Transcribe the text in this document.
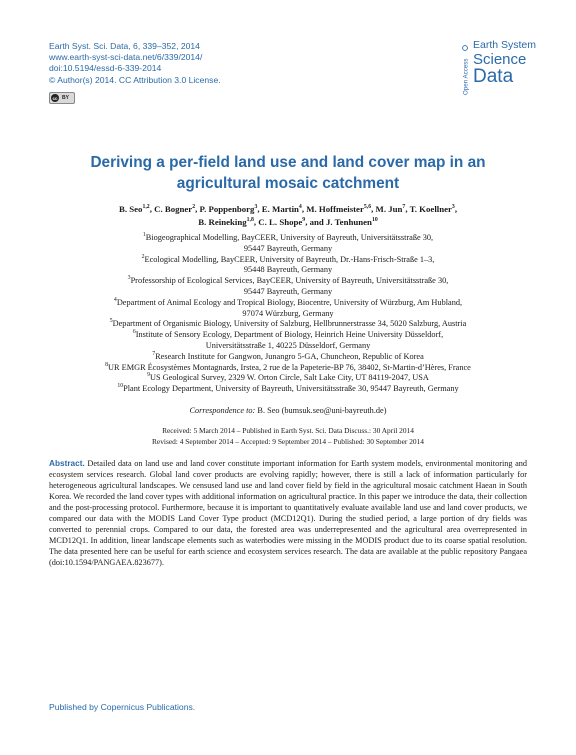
Earth Syst. Sci. Data, 6, 339–352, 2014
www.earth-syst-sci-data.net/6/339/2014/
doi:10.5194/essd-6-339-2014
© Author(s) 2014. CC Attribution 3.0 License.
cc BY
Open Access
Earth System
Science
Data
Deriving a per-field land use and land cover map in an
agricultural mosaic catchment
B. Seo$^{1,2}$, C. Bogner$^2$, P. Poppenborg$^3$, E. Martin$^4$, M. Hoffmeister$^{5,6}$, M. Jun$^7$, T. Koellner$^3$,
B. Reineking$^{1,8}$, C. L. Shope$^9$, and J. Tenhunen$^{10}$
$^1$Biogeographical Modelling, BayCEER, University of Bayreuth, Universitätsstraße 30,
95447 Bayreuth, Germany
$^2$Ecological Modelling, BayCEER, University of Bayreuth, Dr.-Hans-Frisch-Straße 1–3,
95448 Bayreuth, Germany
$^3$Professorship of Ecological Services, BayCEER, University of Bayreuth, Universitätsstraße 30,
95447 Bayreuth, Germany
$^4$Department of Animal Ecology and Tropical Biology, Biocentre, University of Würzburg, Am Hubland,
97074 Würzburg, Germany
$^5$Department of Organismic Biology, University of Salzburg, Hellbrunnerstrasse 34, 5020 Salzburg, Austria
$^6$Institute of Sensory Ecology, Department of Biology, Heinrich Heine University Düsseldorf,
Universitätsstraße 1, 40225 Düsseldorf, Germany
$^7$Research Institute for Gangwon, Junangro 5-GA, Chuncheon, Republic of Korea
$^8$UR EMGR Écosystèmes Montagnards, Irstea, 2 rue de la Papeterie-BP 76, 38402, St-Martin-d’Hères, France
$^9$US Geological Survey, 2329 W. Orton Circle, Salt Lake City, UT 84119-2047, USA
$^{10}$Plant Ecology Department, University of Bayreuth, Universitätsstraße 30, 95447 Bayreuth, Germany
Correspondence to: B. Seo (bumsuk.seo@uni-bayreuth.de)
Received: 5 March 2014 – Published in Earth Syst. Sci. Data Discuss.: 30 April 2014
Revised: 4 September 2014 – Accepted: 9 September 2014 – Published: 30 September 2014
Abstract. Detailed data on land use and land cover constitute important information for Earth system models, environmental monitoring and ecosystem services research. Global land cover products are evolving rapidly; however, there is still a lack of information particularly for heterogeneous agricultural landscapes. We censused land use and land cover field by field in the agricultural mosaic catchment Haean in South Korea. We recorded the land cover types with additional information on agricultural practice. In this paper we introduce the data, their collection and the post-processing protocol. Furthermore, because it is important to quantitatively evaluate available land use and land cover products, we compared our data with the MODIS Land Cover Type product (MCD12Q1). During the studied period, a large portion of dry fields was converted to perennial crops. Compared to our data, the forested area was underrepresented and the agricultural area overrepresented in MCD12Q1. In addition, linear landscape elements such as waterbodies were missing in the MODIS product due to its coarse spatial resolution. The data presented here can be useful for earth science and ecosystem services research. The data are available at the public repository Pangaea (doi:10.1594/PANGAEA.823677).
Published by Copernicus Publications.
